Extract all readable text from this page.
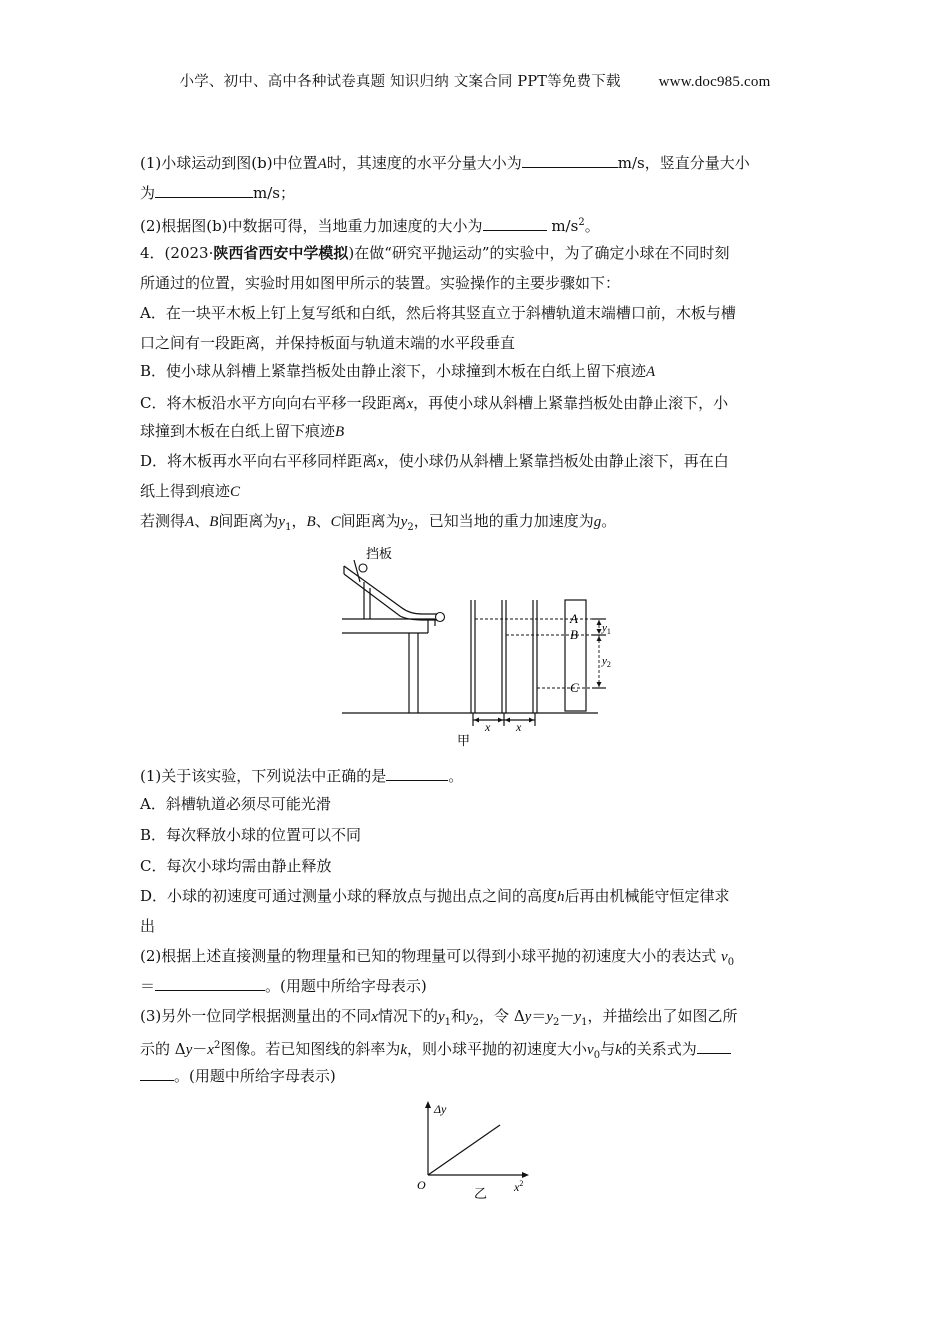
小学、初中、高中各种试卷真题 知识归纳 文案合同 PPT等免费下载	www.doc985.com
(1)小球运动到图(b)中位置A时，其速度的水平分量大小为	m/s，竖直分量大小
为	m/s；
(2)根据图(b)中数据可得，当地重力加速度的大小为	$m/s^2$。
4．(2023·陕西省西安中学模拟)在做“研究平抛运动”的实验中，为了确定小球在不同时刻
所通过的位置，实验时用如图甲所示的装置。实验操作的主要步骤如下：
A．在一块平木板上钉上复写纸和白纸，然后将其竖直立于斜槽轨道末端槽口前，木板与槽
口之间有一段距离，并保持板面与轨道末端的水平段垂直
B．使小球从斜槽上紧靠挡板处由静止滚下，小球撞到木板在白纸上留下痕迹A
C．将木板沿水平方向向右平移一段距离x，再使小球从斜槽上紧靠挡板处由静止滚下，小
球撞到木板在白纸上留下痕迹B
D．将木板再水平向右平移同样距离x，使小球仍从斜槽上紧靠挡板处由静止滚下，再在白
纸上得到痕迹C
若测得A、B间距离为$y_1$，B、C间距离为$y_2$，已知当地的重力加速度为g。
挡板
A
B
C
$y_1$
$y_2$
x x
甲
(1)关于该实验，下列说法中正确的是	。
A．斜槽轨道必须尽可能光滑
B．每次释放小球的位置可以不同
C．每次小球均需由静止释放
D．小球的初速度可通过测量小球的释放点与抛出点之间的高度h后再由机械能守恒定律求
出
(2)根据上述直接测量的物理量和已知的物理量可以得到小球平抛的初速度大小的表达式 $v_0$
＝	。(用题中所给字母表示)
(3)另外一位同学根据测量出的不同x情况下的$y_1$和$y_2$，令 $\Delta y=y_2-y_1$，并描绘出了如图乙所
示的 $\Delta y-x^2$图像。若已知图线的斜率为k，则小球平抛的初速度大小$v_0$与k的关系式为
。(用题中所给字母表示)
Δy
$x^2$
O
乙
